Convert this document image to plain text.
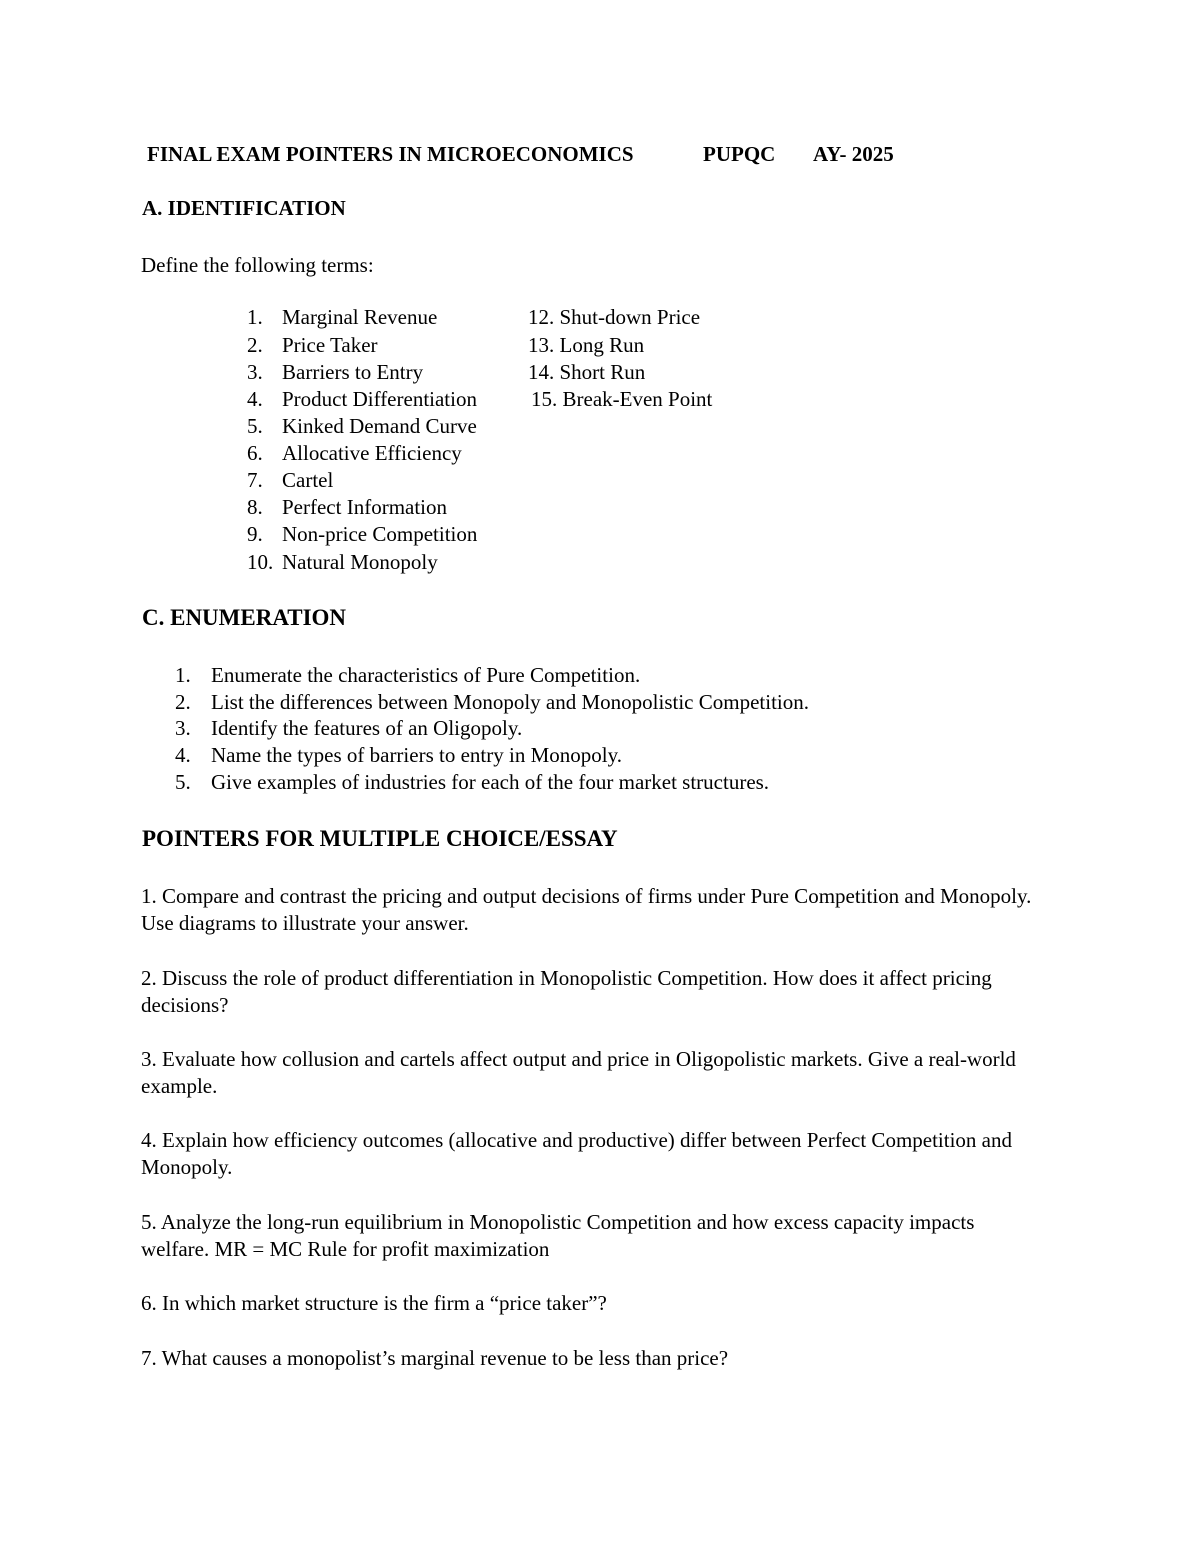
FINAL EXAM POINTERS IN MICROECONOMICS	PUPQC AY- 2025
A. IDENTIFICATION
Define the following terms:
1. Marginal Revenue
2. Price Taker
3. Barriers to Entry
4. Product Differentiation
5. Kinked Demand Curve
6. Allocative Efficiency
7. Cartel
8. Perfect Information
9. Non-price Competition
10. Natural Monopoly
12. Shut-down Price
13. Long Run
14. Short Run
15. Break-Even Point
C. ENUMERATION
1. Enumerate the characteristics of Pure Competition.
2. List the differences between Monopoly and Monopolistic Competition.
3. Identify the features of an Oligopoly.
4. Name the types of barriers to entry in Monopoly.
5. Give examples of industries for each of the four market structures.
POINTERS FOR MULTIPLE CHOICE/ESSAY
1. Compare and contrast the pricing and output decisions of firms under Pure Competition and Monopoly. Use diagrams to illustrate your answer.
2. Discuss the role of product differentiation in Monopolistic Competition. How does it affect pricing decisions?
3. Evaluate how collusion and cartels affect output and price in Oligopolistic markets. Give a real-world example.
4. Explain how efficiency outcomes (allocative and productive) differ between Perfect Competition and Monopoly.
5. Analyze the long-run equilibrium in Monopolistic Competition and how excess capacity impacts welfare. MR = MC Rule for profit maximization
6. In which market structure is the firm a “price taker”?
7. What causes a monopolist’s marginal revenue to be less than price?
